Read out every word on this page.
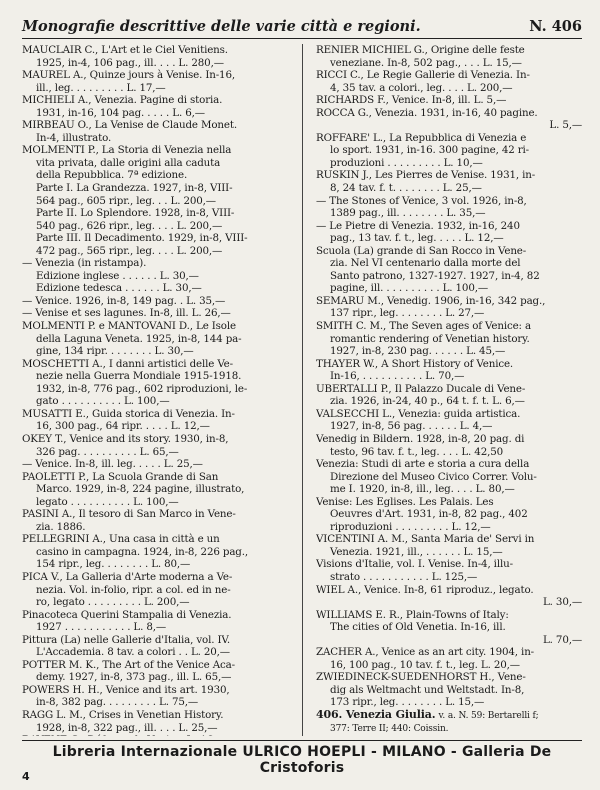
Monografie descrittive delle varie città e regioni.	N. 406
MAUCLAIR C., L'Art et le Ciel Venitiens.
1925, in-4, 106 pag., ill. . . . L. 280,—
MAUREL A., Quinze jours à Venise. In-16,
ill., leg. . . . . . . . . L. 17,—
MICHIELI A., Venezia. Pagine di storia.
1931, in-16, 104 pag. . . . . L. 6,—
MIRBEAU O., La Venise de Claude Monet.
In-4, illustrato.
MOLMENTI P., La Storia di Venezia nella
vita privata, dalle origini alla caduta
della Repubblica. 7ª edizione.
Parte I. La Grandezza. 1927, in-8, VIII-
564 pag., 605 ripr., leg. . . L. 200,—
Parte II. Lo Splendore. 1928, in-8, VIII-
540 pag., 626 ripr., leg. . . . L. 200,—
Parte III. Il Decadimento. 1929, in-8, VIII-
472 pag., 565 ripr., leg. . . . L. 200,—
— Venezia (in ristampa).
Edizione inglese . . . . . . L. 30,—
Edizione tedesca . . . . . . L. 30,—
— Venice. 1926, in-8, 149 pag. . L. 35,—
— Venise et ses lagunes. In-8, ill. L. 26,—
MOLMENTI P. e MANTOVANI D., Le Isole
della Laguna Veneta. 1925, in-8, 144 pa-
gine, 134 ripr. . . . . . . . L. 30,—
MOSCHETTI A., I danni artistici delle Ve-
nezie nella Guerra Mondiale 1915-1918.
1932, in-8, 776 pag., 602 riproduzioni, le-
gato . . . . . . . . . . L. 100,—
MUSATTI E., Guida storica di Venezia. In-
16, 300 pag., 64 ripr. . . . . L. 12,—
OKEY T., Venice and its story. 1930, in-8,
326 pag. . . . . . . . . . L. 65,—
— Venice. In-8, ill. leg. . . . . L. 25,—
PAOLETTI P., La Scuola Grande di San
Marco. 1929, in-8, 224 pagine, illustrato,
legato . . . . . . . . . . L. 100,—
PASINI A., Il tesoro di San Marco in Vene-
zia. 1886.
PELLEGRINI A., Una casa in città e un
casino in campagna. 1924, in-8, 226 pag.,
154 ripr., leg. . . . . . . . L. 80,—
PICA V., La Galleria d'Arte moderna a Ve-
nezia. Vol. in-folio, ripr. a col. ed in ne-
ro, legato . . . . . . . . . L. 200,—
Pinacoteca Querini Stampalia di Venezia.
1927 . . . . . . . . . . . L. 8,—
Pittura (La) nelle Gallerie d'Italia, vol. IV.
L'Accademia. 8 tav. a colori . . L. 20,—
POTTER M. K., The Art of the Venice Aca-
demy. 1927, in-8, 373 pag., ill. L. 65,—
POWERS H. H., Venice and its art. 1930,
in-8, 382 pag. . . . . . . . . L. 75,—
RAGG L. M., Crises in Venetian History.
1928, in-8, 322 pag., ill. . . . L. 25,—
RENIER MICHIEL G., Origine delle feste
veneziane. In-8, 502 pag., . . . L. 15,—
RICCI C., Le Regie Gallerie di Venezia. In-
4, 35 tav. a colori., leg. . . . L. 200,—
RICHARDS F., Venice. In-8, ill. L. 5,—
ROCCA G., Venezia. 1931, in-16, 40 pagine.
L. 5,—
ROFFARE' L., La Repubblica di Venezia e
lo sport. 1931, in-16. 300 pagine, 42 ri-
produzioni . . . . . . . . . L. 10,—
RUSKIN J., Les Pierres de Venise. 1931, in-
8, 24 tav. f. t. . . . . . . . L. 25,—
— The Stones of Venice, 3 vol. 1926, in-8,
1389 pag., ill. . . . . . . . L. 35,—
— Le Pietre di Venezia. 1932, in-16, 240
pag., 13 tav. f. t., leg. . . . . L. 12,—
Scuola (La) grande di San Rocco in Vene-
zia. Nel VI centenario dalla morte del
Santo patrono, 1327-1927. 1927, in-4, 82
pagine, ill. . . . . . . . . . L. 100,—
SEMARU M., Venedig. 1906, in-16, 342 pag.,
137 ripr., leg. . . . . . . . L. 27,—
SMITH C. M., The Seven ages of Venice: a
romantic rendering of Venetian history.
1927, in-8, 230 pag. . . . . . L. 45,—
THAYER W., A Short History of Venice.
In-16, . . . . . . . . . . L. 70,—
UBERTALLI P., Il Palazzo Ducale di Vene-
zia. 1926, in-24, 40 p., 64 t. f. t. L. 6,—
VALSECCHI L., Venezia: guida artistica.
1927, in-8, 56 pag. . . . . . L. 4,—
Venedig in Bildern. 1928, in-8, 20 pag. di
testo, 96 tav. f. t., leg. . . . L. 42,50
Venezia: Studi di arte e storia a cura della
Direzione del Museo Civico Correr. Volu-
me I. 1920, in-8, ill., leg. . . . L. 80,—
Venise: Les Eglises. Les Palais. Les
Oeuvres d'Art. 1931, in-8, 82 pag., 402
riproduzioni . . . . . . . . . L. 12,—
VICENTINI A. M., Santa Maria de' Servi in
Venezia. 1921, ill., . . . . . . L. 15,—
Visions d'Italie, vol. I. Venise. In-4, illu-
strato . . . . . . . . . . . L. 125,—
WIEL A., Venice. In-8, 61 riproduz., legato.
L. 30,—
WILLIAMS E. R., Plain-Towns of Italy:
The cities of Old Venetia. In-16, ill.
L. 70,—
ZACHER A., Venice as an art city. 1904, in-
16, 100 pag., 10 tav. f. t., leg. L. 20,—
ZWIEDINECK-SUEDENHORST H., Vene-
dig als Weltmacht und Weltstadt. In-8,
173 ripr., leg. . . . . . . . L. 15,—
406. Venezia Giulia. v. a. N. 59: Bertarelli f;
377: Terre II; 440: Coissin.
Libreria Internazionale ULRICO HOEPLI - MILANO - Galleria De Cristoforis
4
